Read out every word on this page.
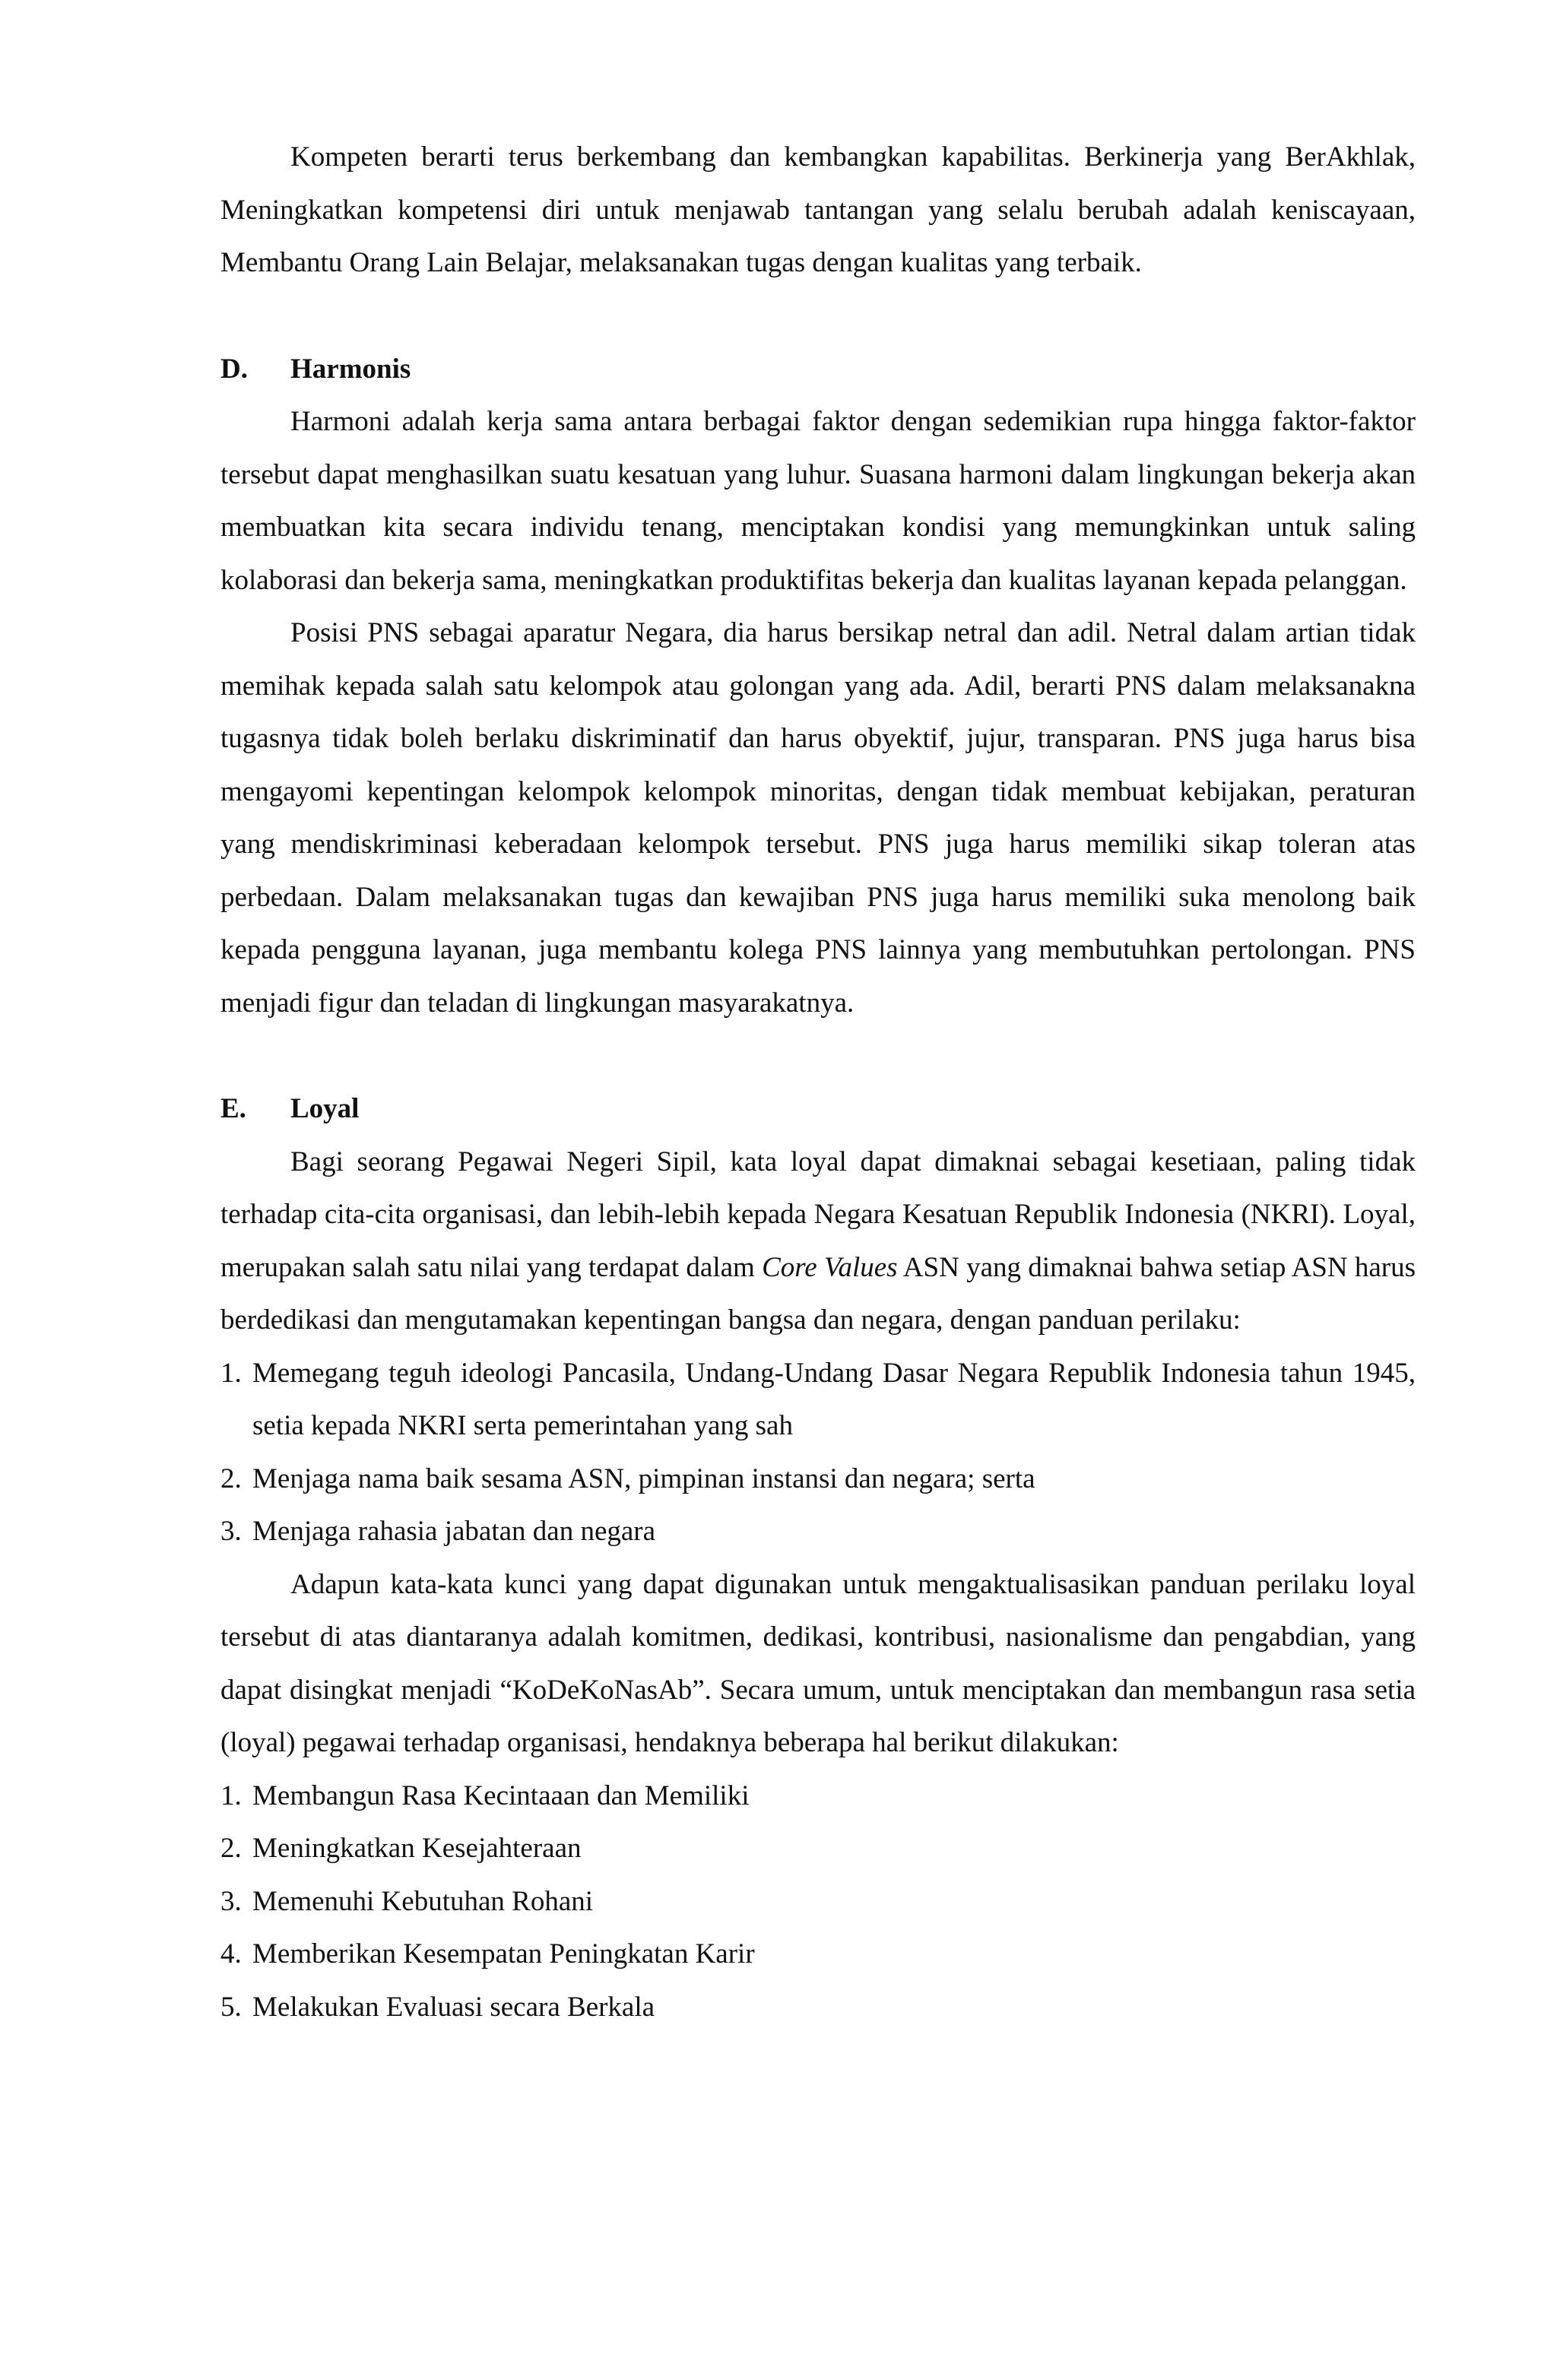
Kompeten berarti terus berkembang dan kembangkan kapabilitas. Berkinerja yang BerAkhlak, Meningkatkan kompetensi diri untuk menjawab tantangan yang selalu berubah adalah keniscayaan, Membantu Orang Lain Belajar, melaksanakan tugas dengan kualitas yang terbaik.

D.	Harmonis

Harmoni adalah kerja sama antara berbagai faktor dengan sedemikian rupa hingga faktor-faktor tersebut dapat menghasilkan suatu kesatuan yang luhur. Suasana harmoni dalam lingkungan bekerja akan membuatkan kita secara individu tenang, menciptakan kondisi yang memungkinkan untuk saling kolaborasi dan bekerja sama, meningkatkan produktifitas bekerja dan kualitas layanan kepada pelanggan.

Posisi PNS sebagai aparatur Negara, dia harus bersikap netral dan adil. Netral dalam artian tidak memihak kepada salah satu kelompok atau golongan yang ada. Adil, berarti PNS dalam melaksanakna tugasnya tidak boleh berlaku diskriminatif dan harus obyektif, jujur, transparan. PNS juga harus bisa mengayomi kepentingan kelompok kelompok minoritas, dengan tidak membuat kebijakan, peraturan yang mendiskriminasi keberadaan kelompok tersebut. PNS juga harus memiliki sikap toleran atas perbedaan. Dalam melaksanakan tugas dan kewajiban PNS juga harus memiliki suka menolong baik kepada pengguna layanan, juga membantu kolega PNS lainnya yang membutuhkan pertolongan. PNS menjadi figur dan teladan di lingkungan masyarakatnya.

E.	Loyal

Bagi seorang Pegawai Negeri Sipil, kata loyal dapat dimaknai sebagai kesetiaan, paling tidak terhadap cita-cita organisasi, dan lebih-lebih kepada Negara Kesatuan Republik Indonesia (NKRI). Loyal, merupakan salah satu nilai yang terdapat dalam Core Values ASN yang dimaknai bahwa setiap ASN harus berdedikasi dan mengutamakan kepentingan bangsa dan negara, dengan panduan perilaku:

1. Memegang teguh ideologi Pancasila, Undang-Undang Dasar Negara Republik Indonesia tahun 1945, setia kepada NKRI serta pemerintahan yang sah
2. Menjaga nama baik sesama ASN, pimpinan instansi dan negara; serta
3. Menjaga rahasia jabatan dan negara

Adapun kata-kata kunci yang dapat digunakan untuk mengaktualisasikan panduan perilaku loyal tersebut di atas diantaranya adalah komitmen, dedikasi, kontribusi, nasionalisme dan pengabdian, yang dapat disingkat menjadi “KoDeKoNasAb”. Secara umum, untuk menciptakan dan membangun rasa setia (loyal) pegawai terhadap organisasi, hendaknya beberapa hal berikut dilakukan:

1. Membangun Rasa Kecintaaan dan Memiliki
2. Meningkatkan Kesejahteraan
3. Memenuhi Kebutuhan Rohani
4. Memberikan Kesempatan Peningkatan Karir
5. Melakukan Evaluasi secara Berkala
